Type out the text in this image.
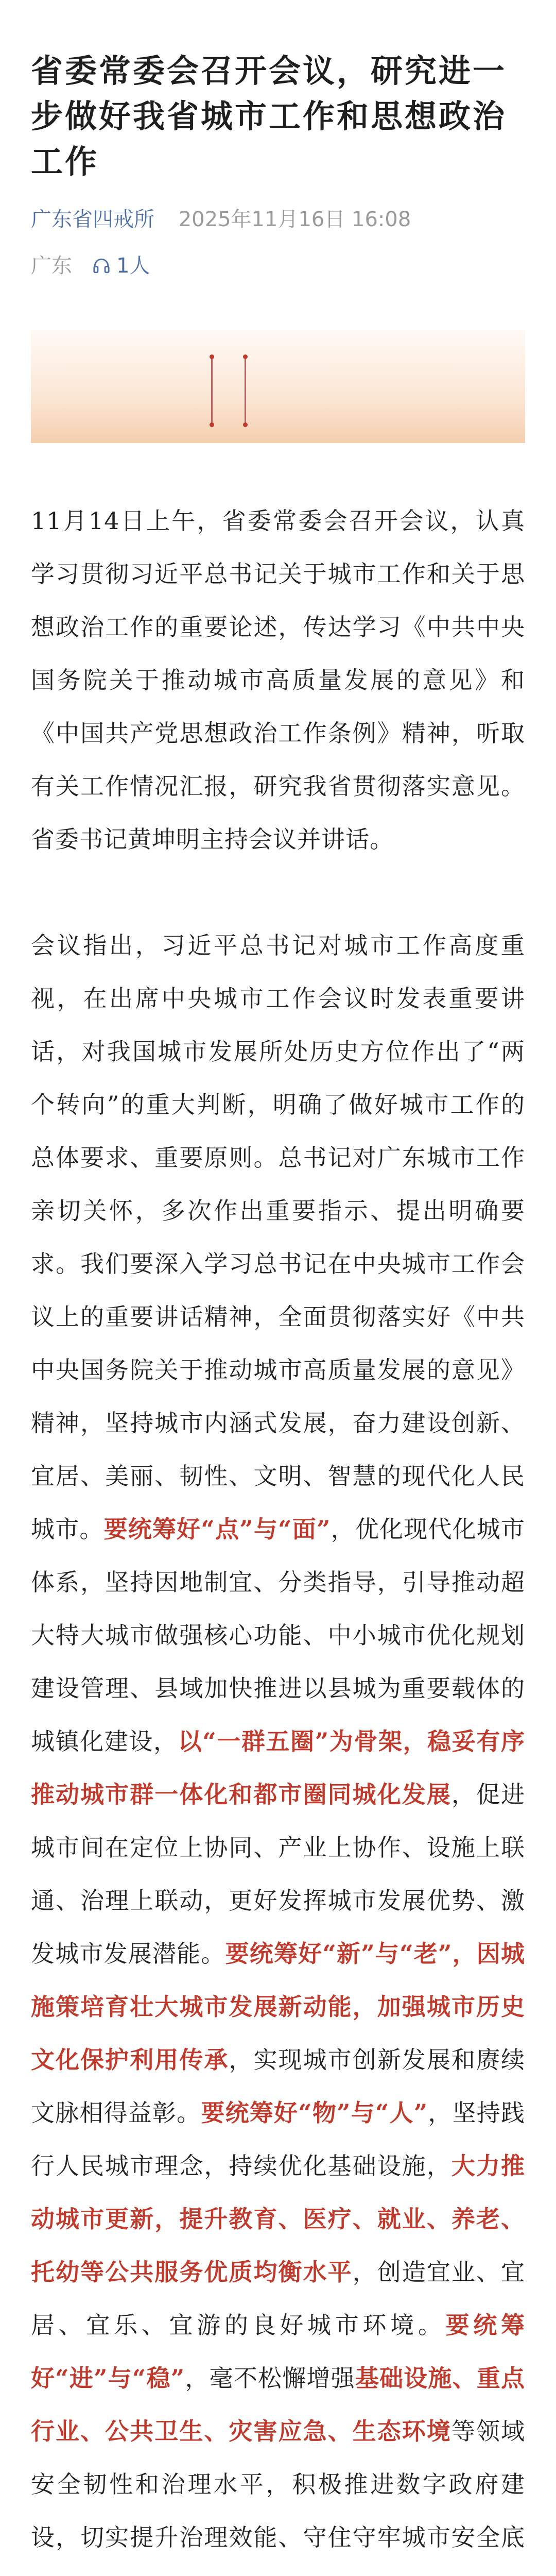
省委常委会召开会议，研究进一步做好我省城市工作和思想政治工作
广东省四戒所 2025年11月16日 16:08
广东 1人

11月14日上午，省委常委会召开会议，认真学习贯彻习近平总书记关于城市工作和关于思想政治工作的重要论述，传达学习《中共中央国务院关于推动城市高质量发展的意见》和《中国共产党思想政治工作条例》精神，听取有关工作情况汇报，研究我省贯彻落实意见。省委书记黄坤明主持会议并讲话。

会议指出，习近平总书记对城市工作高度重视，在出席中央城市工作会议时发表重要讲话，对我国城市发展所处历史方位作出了“两个转向”的重大判断，明确了做好城市工作的总体要求、重要原则。总书记对广东城市工作亲切关怀，多次作出重要指示、提出明确要求。我们要深入学习总书记在中央城市工作会议上的重要讲话精神，全面贯彻落实好《中共中央国务院关于推动城市高质量发展的意见》精神，坚持城市内涵式发展，奋力建设创新、宜居、美丽、韧性、文明、智慧的现代化人民城市。要统筹好“点”与“面”，优化现代化城市体系，坚持因地制宜、分类指导，引导推动超大特大城市做强核心功能、中小城市优化规划建设管理、县域加快推进以县城为重要载体的城镇化建设，以“一群五圈”为骨架，稳妥有序推动城市群一体化和都市圈同城化发展，促进城市间在定位上协同、产业上协作、设施上联通、治理上联动，更好发挥城市发展优势、激发城市发展潜能。要统筹好“新”与“老”，因城施策培育壮大城市发展新动能，加强城市历史文化保护利用传承，实现城市创新发展和赓续文脉相得益彰。要统筹好“物”与“人”，坚持践行人民城市理念，持续优化基础设施，大力推动城市更新，提升教育、医疗、就业、养老、托幼等公共服务优质均衡水平，创造宜业、宜居、宜乐、宜游的良好城市环境。要统筹好“进”与“稳”，毫不松懈增强基础设施、重点行业、公共卫生、灾害应急、生态环境等领域安全韧性和治理水平，积极推进数字政府建设，切实提升治理效能、守住守牢城市安全底
